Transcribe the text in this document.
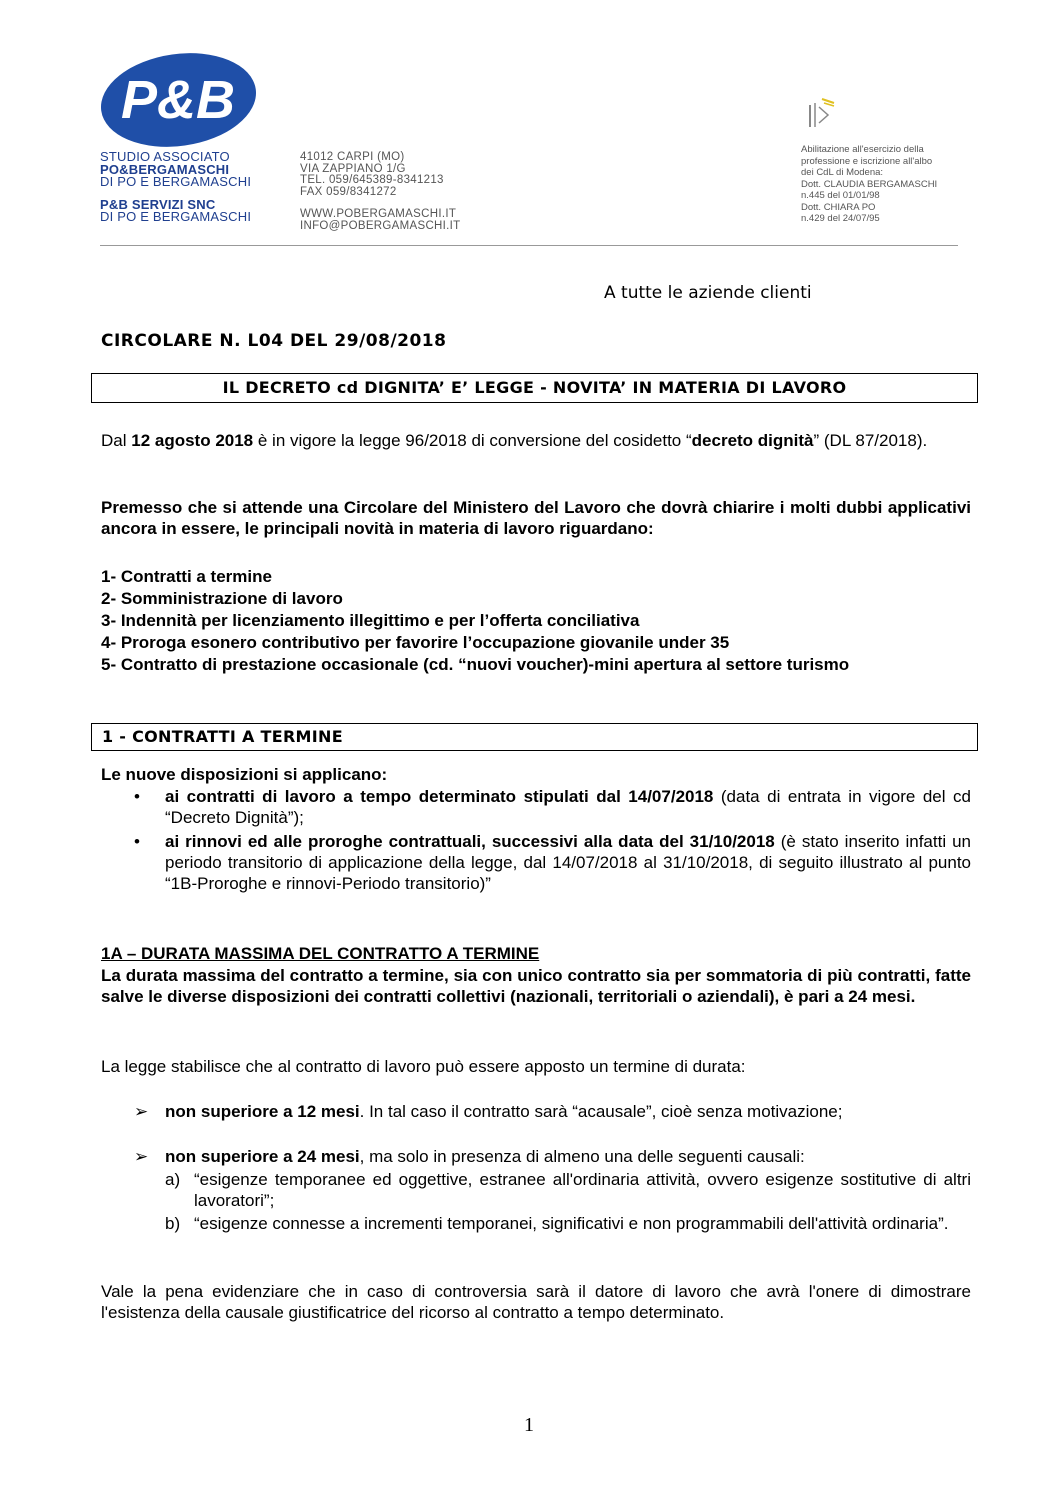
P&B
STUDIO ASSOCIATO
PO&BERGAMASCHI
DI PO E BERGAMASCHI
P&B SERVIZI SNC
DI PO E BERGAMASCHI
41012 CARPI (MO)
VIA ZAPPIANO 1/G
TEL. 059/645389-8341213
FAX 059/8341272
WWW.POBERGAMASCHI.IT
INFO@POBERGAMASCHI.IT
Abilitazione all'esercizio della
professione e iscrizione all'albo
dei CdL di Modena:
Dott. CLAUDIA BERGAMASCHI
n.445 del 01/01/98
Dott. CHIARA PO
n.429 del 24/07/95
A tutte le aziende clienti
CIRCOLARE N. L04 DEL 29/08/2018
IL DECRETO cd DIGNITA’ E’ LEGGE - NOVITA’ IN MATERIA DI LAVORO
Dal 12 agosto 2018 è in vigore la legge 96/2018 di conversione del cosidetto “decreto dignità” (DL 87/2018).
Premesso che si attende una Circolare del Ministero del Lavoro che dovrà chiarire i molti dubbi applicativi ancora in essere, le principali novità in materia di lavoro riguardano:
1- Contratti a termine
2- Somministrazione di lavoro
3- Indennità per licenziamento illegittimo e per l’offerta conciliativa
4- Proroga esonero contributivo per favorire l’occupazione giovanile under 35
5- Contratto di prestazione occasionale (cd. “nuovi voucher)-mini apertura al settore turismo
1 - CONTRATTI A TERMINE
Le nuove disposizioni si applicano:
• ai contratti di lavoro a tempo determinato stipulati dal 14/07/2018 (data di entrata in vigore del cd “Decreto Dignità”);
• ai rinnovi ed alle proroghe contrattuali, successivi alla data del 31/10/2018 (è stato inserito infatti un periodo transitorio di applicazione della legge, dal 14/07/2018 al 31/10/2018, di seguito illustrato al punto “1B-Proroghe e rinnovi-Periodo transitorio)”
1A – DURATA MASSIMA DEL CONTRATTO A TERMINE
La durata massima del contratto a termine, sia con unico contratto sia per sommatoria di più contratti, fatte salve le diverse disposizioni dei contratti collettivi (nazionali, territoriali o aziendali), è pari a 24 mesi.
La legge stabilisce che al contratto di lavoro può essere apposto un termine di durata:
➢ non superiore a 12 mesi. In tal caso il contratto sarà “acausale”, cioè senza motivazione;
➢ non superiore a 24 mesi, ma solo in presenza di almeno una delle seguenti causali:
a) “esigenze temporanee ed oggettive, estranee all'ordinaria attività, ovvero esigenze sostitutive di altri lavoratori”;
b) “esigenze connesse a incrementi temporanei, significativi e non programmabili dell'attività ordinaria”.
Vale la pena evidenziare che in caso di controversia sarà il datore di lavoro che avrà l'onere di dimostrare l'esistenza della causale giustificatrice del ricorso al contratto a tempo determinato.
1
